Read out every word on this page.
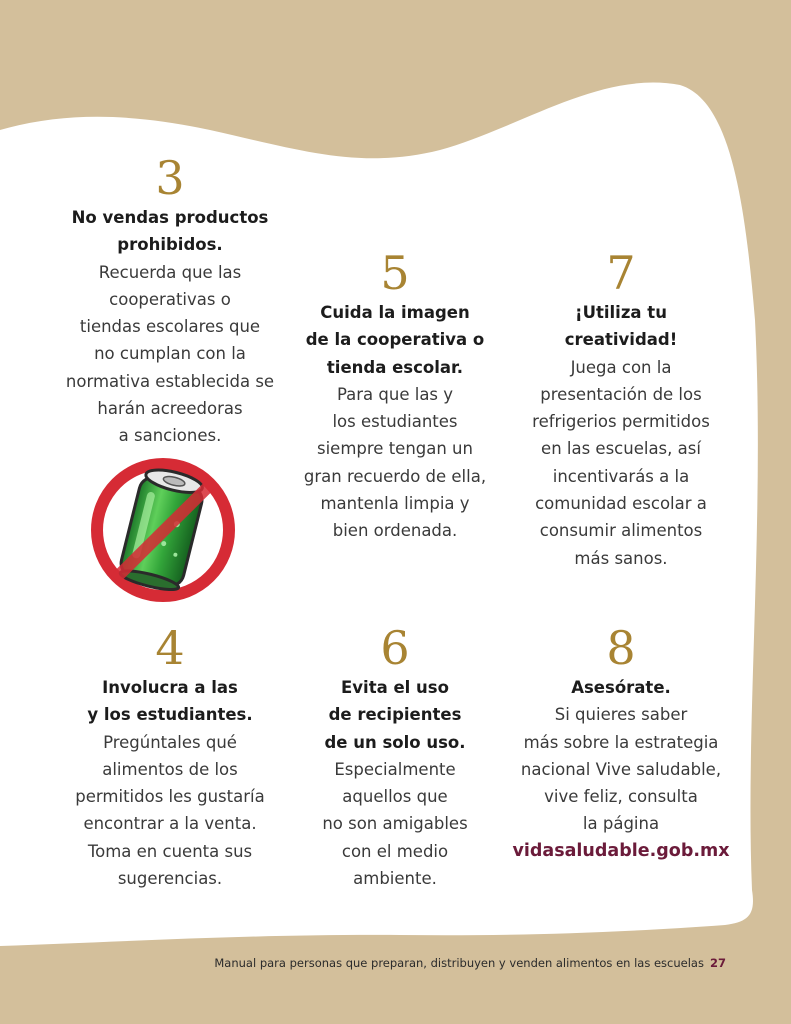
3
No vendas productos
prohibidos.
Recuerda que las
cooperativas o
tiendas escolares que
no cumplan con la
normativa establecida se
harán acreedoras
a sanciones.
5
Cuida la imagen
de la cooperativa o
tienda escolar.
Para que las y
los estudiantes
siempre tengan un
gran recuerdo de ella,
mantenla limpia y
bien ordenada.
7
¡Utiliza tu
creatividad!
Juega con la
presentación de los
refrigerios permitidos
en las escuelas, así
incentivarás a la
comunidad escolar a
consumir alimentos
más sanos.
4
Involucra a las
y los estudiantes.
Pregúntales qué
alimentos de los
permitidos les gustaría
encontrar a la venta.
Toma en cuenta sus
sugerencias.
6
Evita el uso
de recipientes
de un solo uso.
Especialmente
aquellos que
no son amigables
con el medio
ambiente.
8
Asesórate.
Si quieres saber
más sobre la estrategia
nacional Vive saludable,
vive feliz, consulta
la página
vidasaludable.gob.mx
Manual para personas que preparan, distribuyen y venden alimentos en las escuelas 27
